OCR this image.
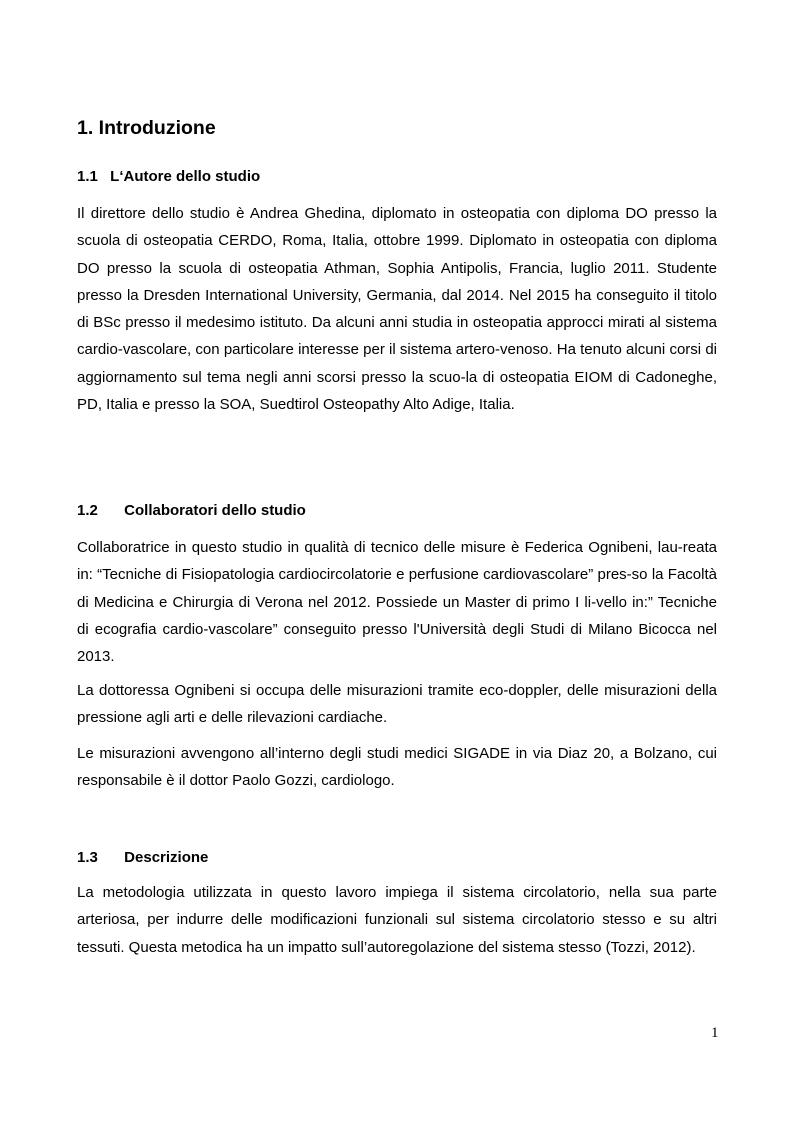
1. Introduzione
1.1 L‘Autore dello studio

Il direttore dello studio è Andrea Ghedina, diplomato in osteopatia con diploma DO presso la scuola di osteopatia CERDO, Roma, Italia, ottobre 1999. Diplomato in osteopatia con diploma DO presso la scuola di osteopatia Athman, Sophia Antipolis, Francia, luglio 2011. Studente presso la Dresden International University, Germania, dal 2014. Nel 2015 ha conseguito il titolo di BSc presso il medesimo istituto. Da alcuni anni studia in osteopatia approcci mirati al sistema cardio-vascolare, con particolare interesse per il sistema artero-venoso. Ha tenuto alcuni corsi di aggiornamento sul tema negli anni scorsi presso la scuo-la di osteopatia EIOM di Cadoneghe, PD, Italia e presso la SOA, Suedtirol Osteopathy Alto Adige, Italia.

1.2 Collaboratori dello studio

Collaboratrice in questo studio in qualità di tecnico delle misure è Federica Ognibeni, lau-reata in: “Tecniche di Fisiopatologia cardiocircolatorie e perfusione cardiovascolare” pres-so la Facoltà di Medicina e Chirurgia di Verona nel 2012. Possiede un Master di primo I li-vello in:” Tecniche di ecografia cardio-vascolare” conseguito presso l'Università degli Studi di Milano Bicocca nel 2013.

La dottoressa Ognibeni si occupa delle misurazioni tramite eco-doppler, delle misurazioni della pressione agli arti e delle rilevazioni cardiache.

Le misurazioni avvengono all’interno degli studi medici SIGADE in via Diaz 20, a Bolzano, cui responsabile è il dottor Paolo Gozzi, cardiologo.

1.3 Descrizione

La metodologia utilizzata in questo lavoro impiega il sistema circolatorio, nella sua parte arteriosa, per indurre delle modificazioni funzionali sul sistema circolatorio stesso e su altri tessuti. Questa metodica ha un impatto sull’autoregolazione del sistema stesso (Tozzi, 2012).

1
